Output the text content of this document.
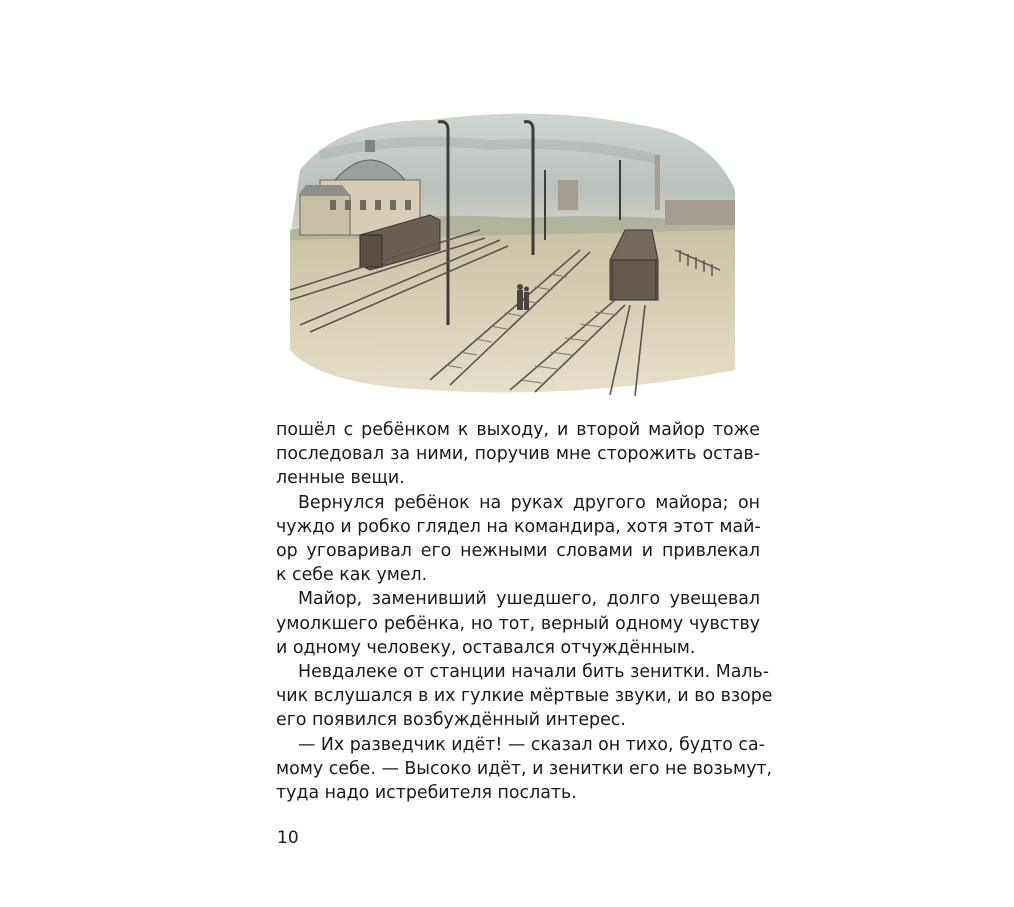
пошёл с ребёнком к выходу, и второй майор тоже
последовал за ними, поручив мне сторожить остав-
ленные вещи.

Вернулся ребёнок на руках другого майора; он
чуждо и робко глядел на командира, хотя этот май-
ор уговаривал его нежными словами и привлекал
к себе как умел.

Майор, заменивший ушедшего, долго увещевал
умолкшего ребёнка, но тот, верный одному чувству
и одному человеку, оставался отчуждённым.

Невдалеке от станции начали бить зенитки. Маль-
чик вслушался в их гулкие мёртвые звуки, и во взоре
его появился возбуждённый интерес.

— Их разведчик идёт! — сказал он тихо, будто са-
мому себе. — Высоко идёт, и зенитки его не возьмут,
туда надо истребителя послать.

10
